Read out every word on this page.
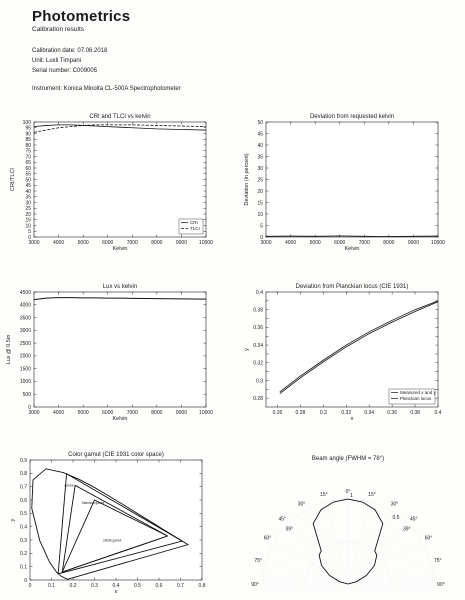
Photometrics
Calibration results
Calibration date: 07.06.2018
Unit: Luxli Timpani
Serial number: C009005
Instrument: Konica Minolta CL-500A Spectrophotometer
CRI and TLCI vs kelvin
3000	4000	5000	6000	7000	8000	9000 10000
0
5
10
15
20
25
30
35
40
45
50
55
60
65
70
75
80
85
90
95
100
Kelvin
CRI/TLCI
CRI
TLCI
Deviation from requested kelvin
3000	4000	5000	6000	7000	8000	9000 10000
0
5
10
15
20
25
30
35
40
45
50
Kelvin
Deviation (in percent)
Lux vs kelvin
3000	4000	5000	6000	7000	8000	9000 10000
0
500
1000
1500
2000
2500
3000
3500
4000
4500
Kelvin
Lux @ 0.5m
Deviation from Planckian locus (CIE 1931)
0.26	0.28	0.3	0.32	0.34	0.36	0.38	0.4
0.28
0.3
0.32
0.34
0.36
0.38
0.4
x
y
Measured x and y
Planckian locus
Color gamut (CIE 1931 color space)
0	0.1	0.2	0.3	0.4	0.5	0.6	0.7	0.8
0
0.1
0.2
0.3
0.4
0.5
0.6
0.7
0.8
0.9
x
y
Adobe
Standard gamut
sRGB gamut
Beam angle (FWHM = 78°)
0.5
1
90°
75°
60°
45°
30°
15°
0°
15°
30°
45°
60°
75°
90°
39°	39°
